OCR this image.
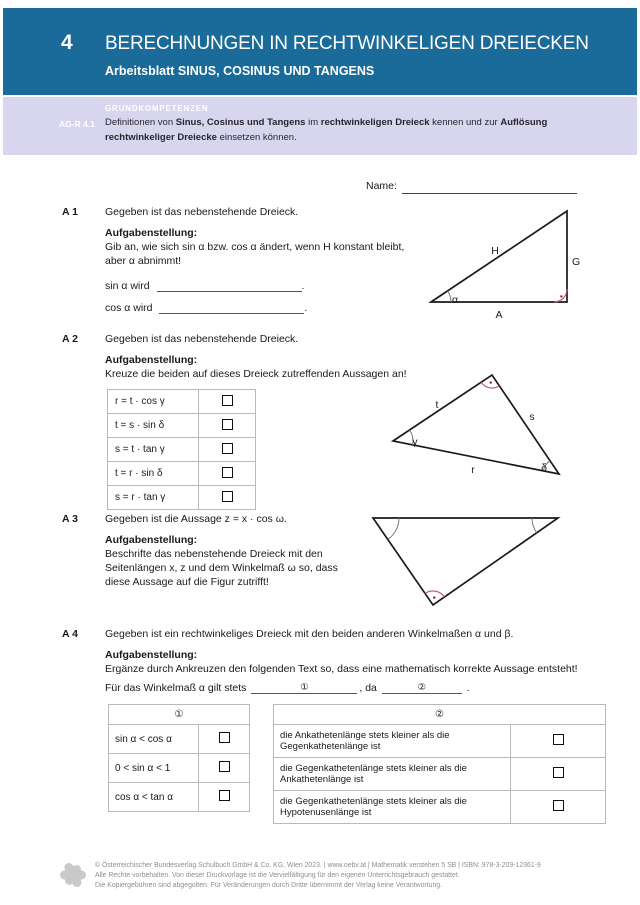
4 BERECHNUNGEN IN RECHTWINKELIGEN DREIECKEN
Arbeitsblatt SINUS, COSINUS UND TANGENS
GRUNDKOMPETENZEN
AG-R 4.1 Definitionen von Sinus, Cosinus und Tangens im rechtwinkeligen Dreieck kennen und zur Auflösung rechtwinkeliger Dreiecke einsetzen können.
Name:
A 1	Gegeben ist das nebenstehende Dreieck.
Aufgabenstellung:
Gib an, wie sich sin α bzw. cos α ändert, wenn H konstant bleibt,
aber α abnimmt!
sin α wird	.
cos α wird	.
H
G
A
α
A 2	Gegeben ist das nebenstehende Dreieck.
Aufgabenstellung:
Kreuze die beiden auf dieses Dreieck zutreffenden Aussagen an!
r = t · cos γ	
t = s · sin δ	
s = t · tan γ	
t = r · sin δ	
s = r · tan γ	
t
s
r
γ
δ
A 3	Gegeben ist die Aussage z = x · cos ω.
Aufgabenstellung:
Beschrifte das nebenstehende Dreieck mit den
Seitenlängen x, z und dem Winkelmaß ω so, dass
diese Aussage auf die Figur zutrifft!
A 4	Gegeben ist ein rechtwinkeliges Dreieck mit den beiden anderen Winkelmaßen α und β.
Aufgabenstellung:
Ergänze durch Ankreuzen den folgenden Text so, dass eine mathematisch korrekte Aussage entsteht!
Für das Winkelmaß α gilt stets	①	, da	②	.
①	
sin α < cos α	
0 < sin α < 1	
cos α < tan α	
②	
die Ankathetenlänge stets kleiner als die Gegenkathetenlänge ist	
die Gegenkathetenlänge stets kleiner als die Ankathetenlänge ist	
die Gegenkathetenlänge stets kleiner als die Hypotenusenlänge ist	
© Österreichischer Bundesverlag Schulbuch GmbH & Co. KG, Wien 2023. | www.oebv.at | Mathematik verstehen 5 SB | ISBN: 978-3-209-12361-9
Alle Rechte vorbehalten. Von dieser Druckvorlage ist die Vervielfältigung für den eigenen Unterrichtsgebrauch gestattet.
Die Kopiergebühren sind abgegolten. Für Veränderungen durch Dritte übernimmt der Verlag keine Verantwortung.
